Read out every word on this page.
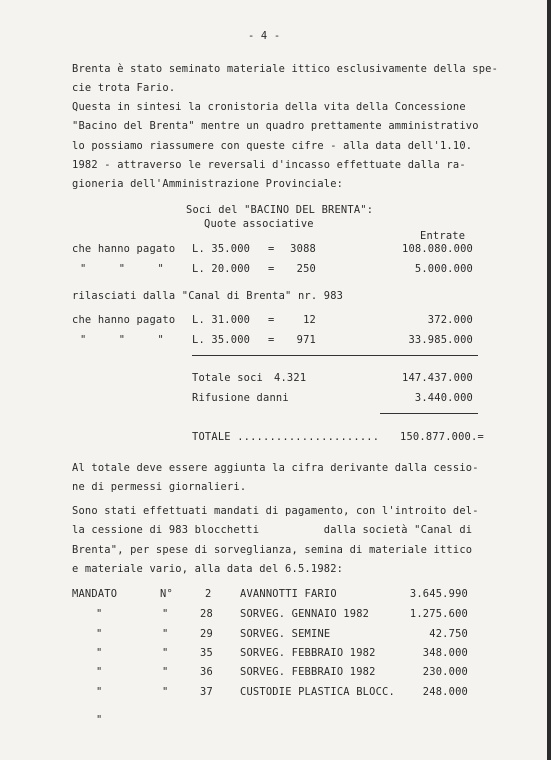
- 4 -
Brenta è stato seminato materiale ittico esclusivamente della spe-
cie trota Fario.
Questa in sintesi la cronistoria della vita della Concessione
"Bacino del Brenta" mentre un quadro prettamente amministrativo
lo possiamo riassumere con queste cifre - alla data dell'1.10.
1982 - attraverso le reversali d'incasso effettuate dalla ra-
gioneria dell'Amministrazione Provinciale:
Soci del "BACINO DEL BRENTA":
Quote associative
Entrate
che hanno pagato L. 35.000 =	3088	108.080.000
"     "     "	L. 20.000 =	250	5.000.000
rilasciati dalla "Canal di Brenta" nr. 983
che hanno pagato L. 31.000 =	12	372.000
"     "     "	L. 35.000 =	971	33.985.000
Totale soci 4.321	147.437.000
Rifusione danni	3.440.000
TOTALE ...................... 150.877.000.=
Al totale deve essere aggiunta la cifra derivante dalla cessio-
ne di permessi giornalieri.
Sono stati effettuati mandati di pagamento, con l'introito del-
la cessione di 983 blocchetti          dalla società "Canal di
Brenta", per spese di sorveglianza, semina di materiale ittico
e materiale vario, alla data del 6.5.1982:
MANDATO	N°	2	AVANNOTTI FARIO	3.645.990
"	"	28	SORVEG. GENNAIO 1982	1.275.600
"	"	29	SORVEG. SEMINE	42.750
"	"	35	SORVEG. FEBBRAIO 1982	348.000
"	"	36	SORVEG. FEBBRAIO 1982	230.000
"	"	37	CUSTODIE PLASTICA BLOCC.	248.000
"
